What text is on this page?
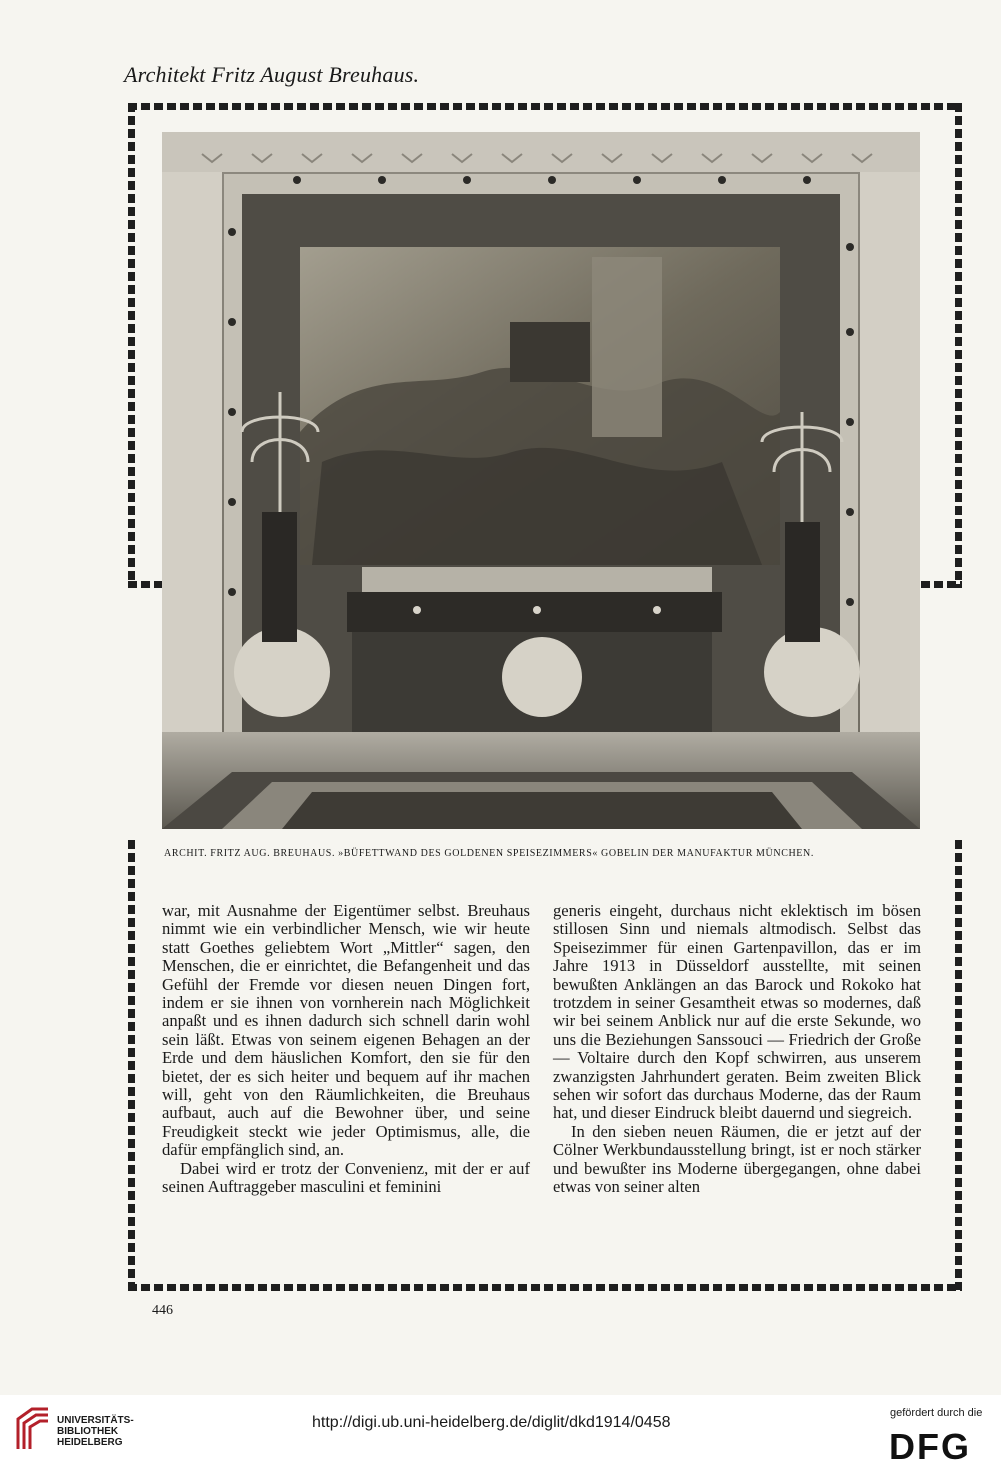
Architekt Fritz August Breuhaus.
ARCHIT. FRITZ AUG. BREUHAUS. »BÜFETTWAND DES GOLDENEN SPEISEZIMMERS« GOBELIN DER MANUFAKTUR MÜNCHEN.

war, mit Ausnahme der Eigentümer selbst. Breuhaus nimmt wie ein verbindlicher Mensch, wie wir heute statt Goethes geliebtem Wort „Mittler“ sagen, den Menschen, die er einrichtet, die Befangenheit und das Gefühl der Fremde vor diesen neuen Dingen fort, indem er sie ihnen von vornherein nach Möglichkeit anpaßt und es ihnen dadurch sich schnell darin wohl sein läßt. Etwas von seinem eigenen Behagen an der Erde und dem häuslichen Komfort, den sie für den bietet, der es sich heiter und bequem auf ihr machen will, geht von den Räumlichkeiten, die Breuhaus aufbaut, auch auf die Bewohner über, und seine Freudigkeit steckt wie jeder Optimismus, alle, die dafür empfänglich sind, an.

Dabei wird er trotz der Convenienz, mit der er auf seinen Auftraggeber masculini et feminini

generis eingeht, durchaus nicht eklektisch im bösen stillosen Sinn und niemals altmodisch. Selbst das Speisezimmer für einen Gartenpavillon, das er im Jahre 1913 in Düsseldorf ausstellte, mit seinen bewußten Anklängen an das Barock und Rokoko hat trotzdem in seiner Gesamtheit etwas so modernes, daß wir bei seinem Anblick nur auf die erste Sekunde, wo uns die Beziehungen Sanssouci — Friedrich der Große — Voltaire durch den Kopf schwirren, aus unserem zwanzigsten Jahrhundert geraten. Beim zweiten Blick sehen wir sofort das durchaus Moderne, das der Raum hat, und dieser Eindruck bleibt dauernd und siegreich.

In den sieben neuen Räumen, die er jetzt auf der Cölner Werkbundausstellung bringt, ist er noch stärker und bewußter ins Moderne übergegangen, ohne dabei etwas von seiner alten

446
UNIVERSITÄTS-
BIBLIOTHEK
HEIDELBERG
http://digi.ub.uni-heidelberg.de/diglit/dkd1914/0458
gefördert durch die
DFG
